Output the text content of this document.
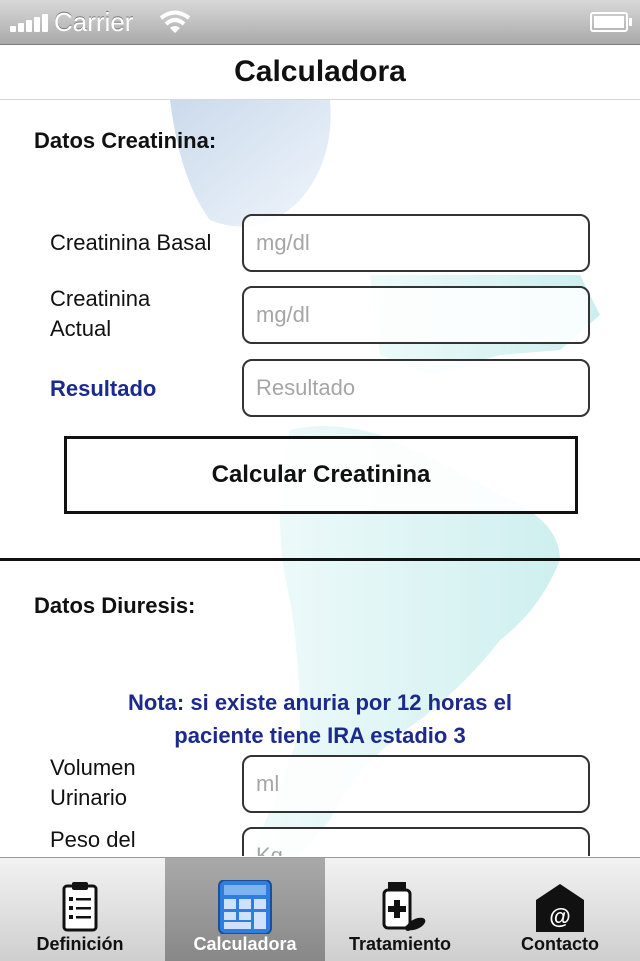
Carrier
Calculadora
Datos Creatinina:
Creatinina Basal
mg/dl
Creatinina
Actual
mg/dl
Resultado
Resultado
Calcular Creatinina
Datos Diuresis:
Nota: si existe anuria por 12 horas el
paciente tiene IRA estadio 3
Volumen
Urinario
ml
Peso del
Kg
Definición	Calculadora	Tratamiento
@
Contacto
